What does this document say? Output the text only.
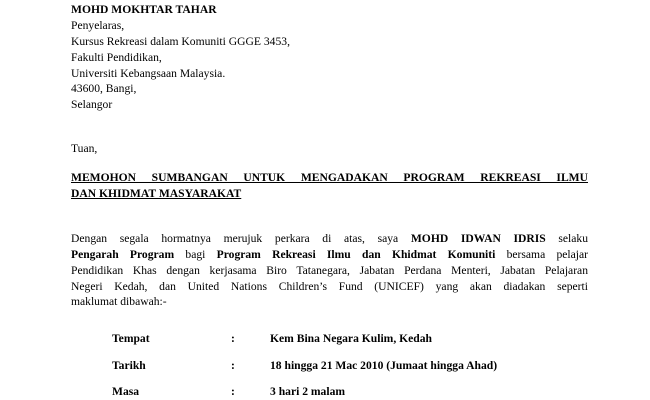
MOHD MOKHTAR TAHAR
Penyelaras,
Kursus Rekreasi dalam Komuniti GGGE 3453,
Fakulti Pendidikan,
Universiti Kebangsaan Malaysia.
43600, Bangi,
Selangor
Tuan,
MEMOHON SUMBANGAN UNTUK MENGADAKAN PROGRAM REKREASI ILMU
DAN KHIDMAT MASYARAKAT
Dengan segala hormatnya merujuk perkara di atas, saya MOHD IDWAN IDRIS selaku
Pengarah Program bagi Program Rekreasi Ilmu dan Khidmat Komuniti bersama pelajar
Pendidikan Khas dengan kerjasama Biro Tatanegara, Jabatan Perdana Menteri, Jabatan Pelajaran
Negeri Kedah, dan United Nations Children’s Fund (UNICEF) yang akan diadakan seperti
maklumat dibawah:-
Tempat	:	Kem Bina Negara Kulim, Kedah
Tarikh	:	18 hingga 21 Mac 2010 (Jumaat hingga Ahad)
Masa	:	3 hari 2 malam
